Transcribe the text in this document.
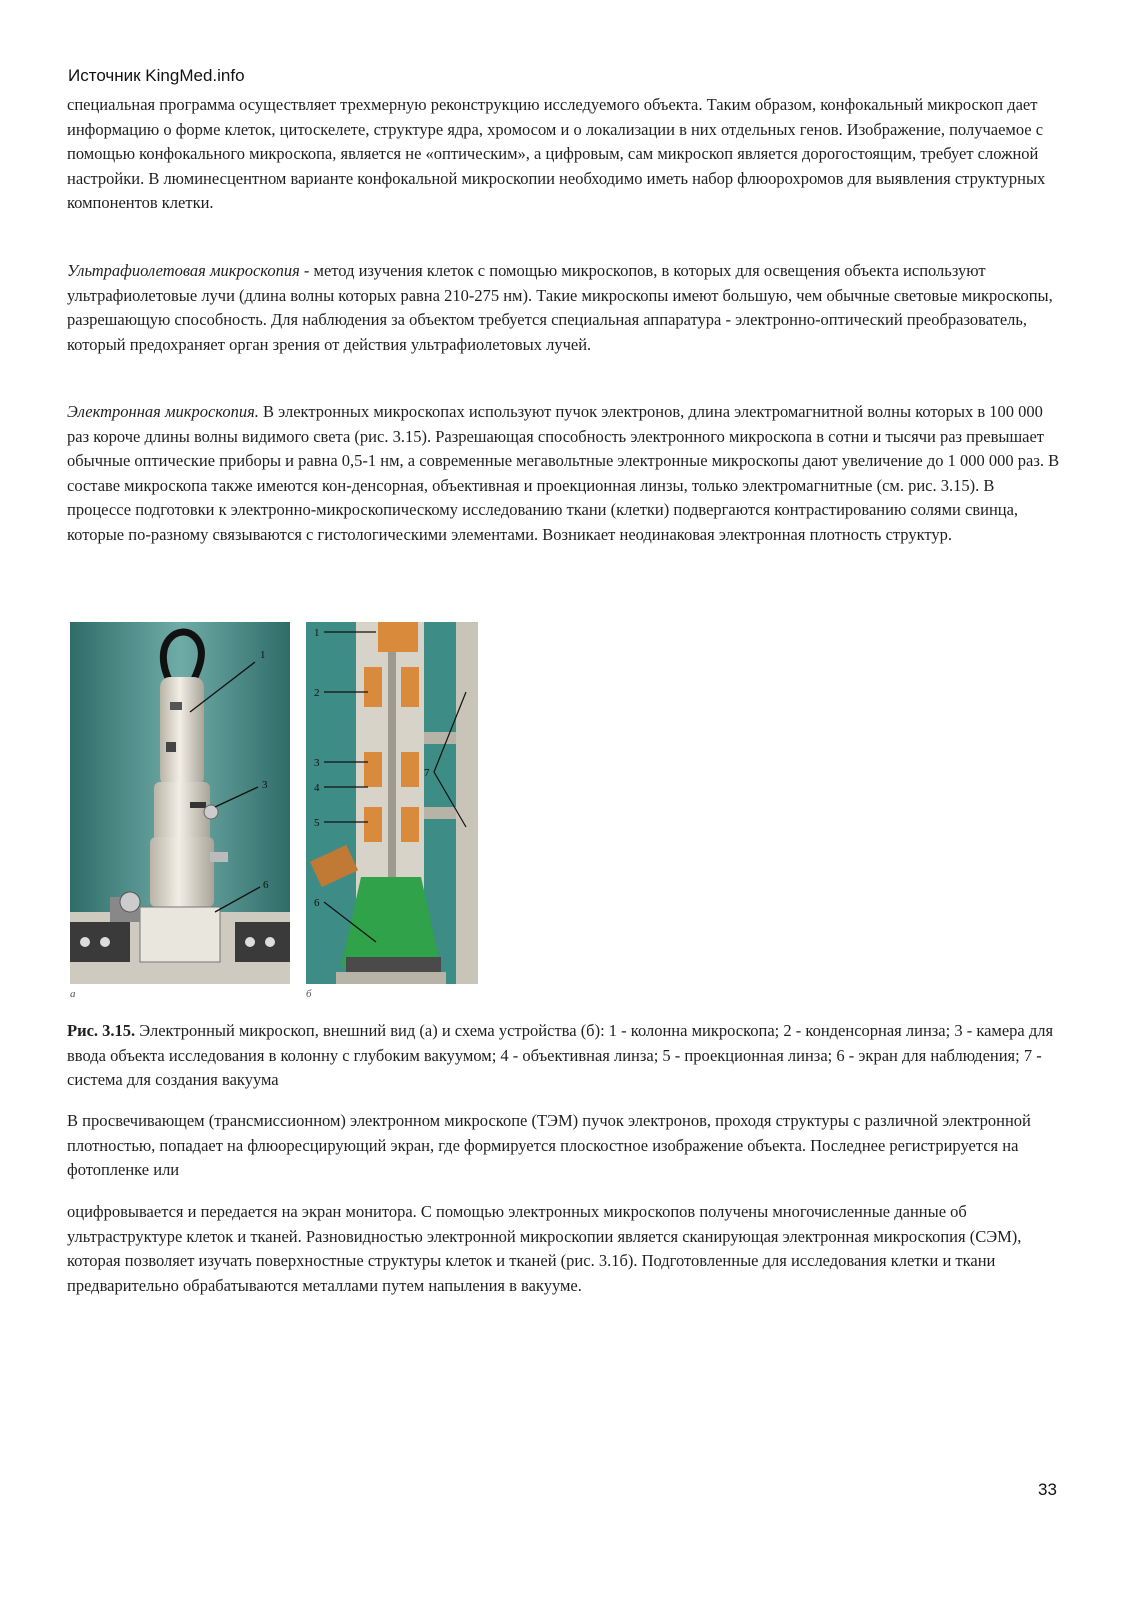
Источник KingMed.info

специальная программа осуществляет трехмерную реконструкцию исследуемого объекта. Таким образом, конфокальный микроскоп дает информацию о форме клеток, цитоскелете, структуре ядра, хромосом и о локализации в них отдельных генов. Изображение, получаемое с помощью конфокального микроскопа, является не «оптическим», а цифровым, сам микроскоп является дорогостоящим, требует сложной настройки. В люминесцентном варианте конфокальной микроскопии необходимо иметь набор флюорохромов для выявления структурных компонентов клетки.

Ультрафиолетовая микроскопия - метод изучения клеток с помощью микроскопов, в которых для освещения объекта используют ультрафиолетовые лучи (длина волны которых равна 210-275 нм). Такие микроскопы имеют большую, чем обычные световые микроскопы, разрешающую способность. Для наблюдения за объектом требуется специальная аппаратура - электронно-оптический преобразователь, который предохраняет орган зрения от действия ультрафиолетовых лучей.

Электронная микроскопия. В электронных микроскопах используют пучок электронов, длина электромагнитной волны которых в 100 000 раз короче длины волны видимого света (рис. 3.15). Разрешающая способность электронного микроскопа в сотни и тысячи раз превышает обычные оптические приборы и равна 0,5-1 нм, а современные мегавольтные электронные микроскопы дают увеличение до 1 000 000 раз. В составе микроскопа также имеются кон-денсорная, объективная и проекционная линзы, только электромагнитные (см. рис. 3.15). В процессе подготовки к электронно-микроскопическому исследованию ткани (клетки) подвергаются контрастированию солями свинца, которые по-разному связываются с гистологическими элементами. Возникает неодинаковая электронная плотность структур.

1
3
6
1
2
3
4
5
6
7
а	б

Рис. 3.15. Электронный микроскоп, внешний вид (а) и схема устройства (б): 1 - колонна микроскопа; 2 - конденсорная линза; 3 - камера для ввода объекта исследования в колонну с глубоким вакуумом; 4 - объективная линза; 5 - проекционная линза; 6 - экран для наблюдения; 7 - система для создания вакуума

В просвечивающем (трансмиссионном) электронном микроскопе (ТЭМ) пучок электронов, проходя структуры с различной электронной плотностью, попадает на флюоресцирующий экран, где формируется плоскостное изображение объекта. Последнее регистрируется на фотопленке или

оцифровывается и передается на экран монитора. С помощью электронных микроскопов получены многочисленные данные об ультраструктуре клеток и тканей. Разновидностью электронной микроскопии является сканирующая электронная микроскопия (СЭМ), которая позволяет изучать поверхностные структуры клеток и тканей (рис. 3.1б). Подготовленные для исследования клетки и ткани предварительно обрабатываются металлами путем напыления в вакууме.

33
